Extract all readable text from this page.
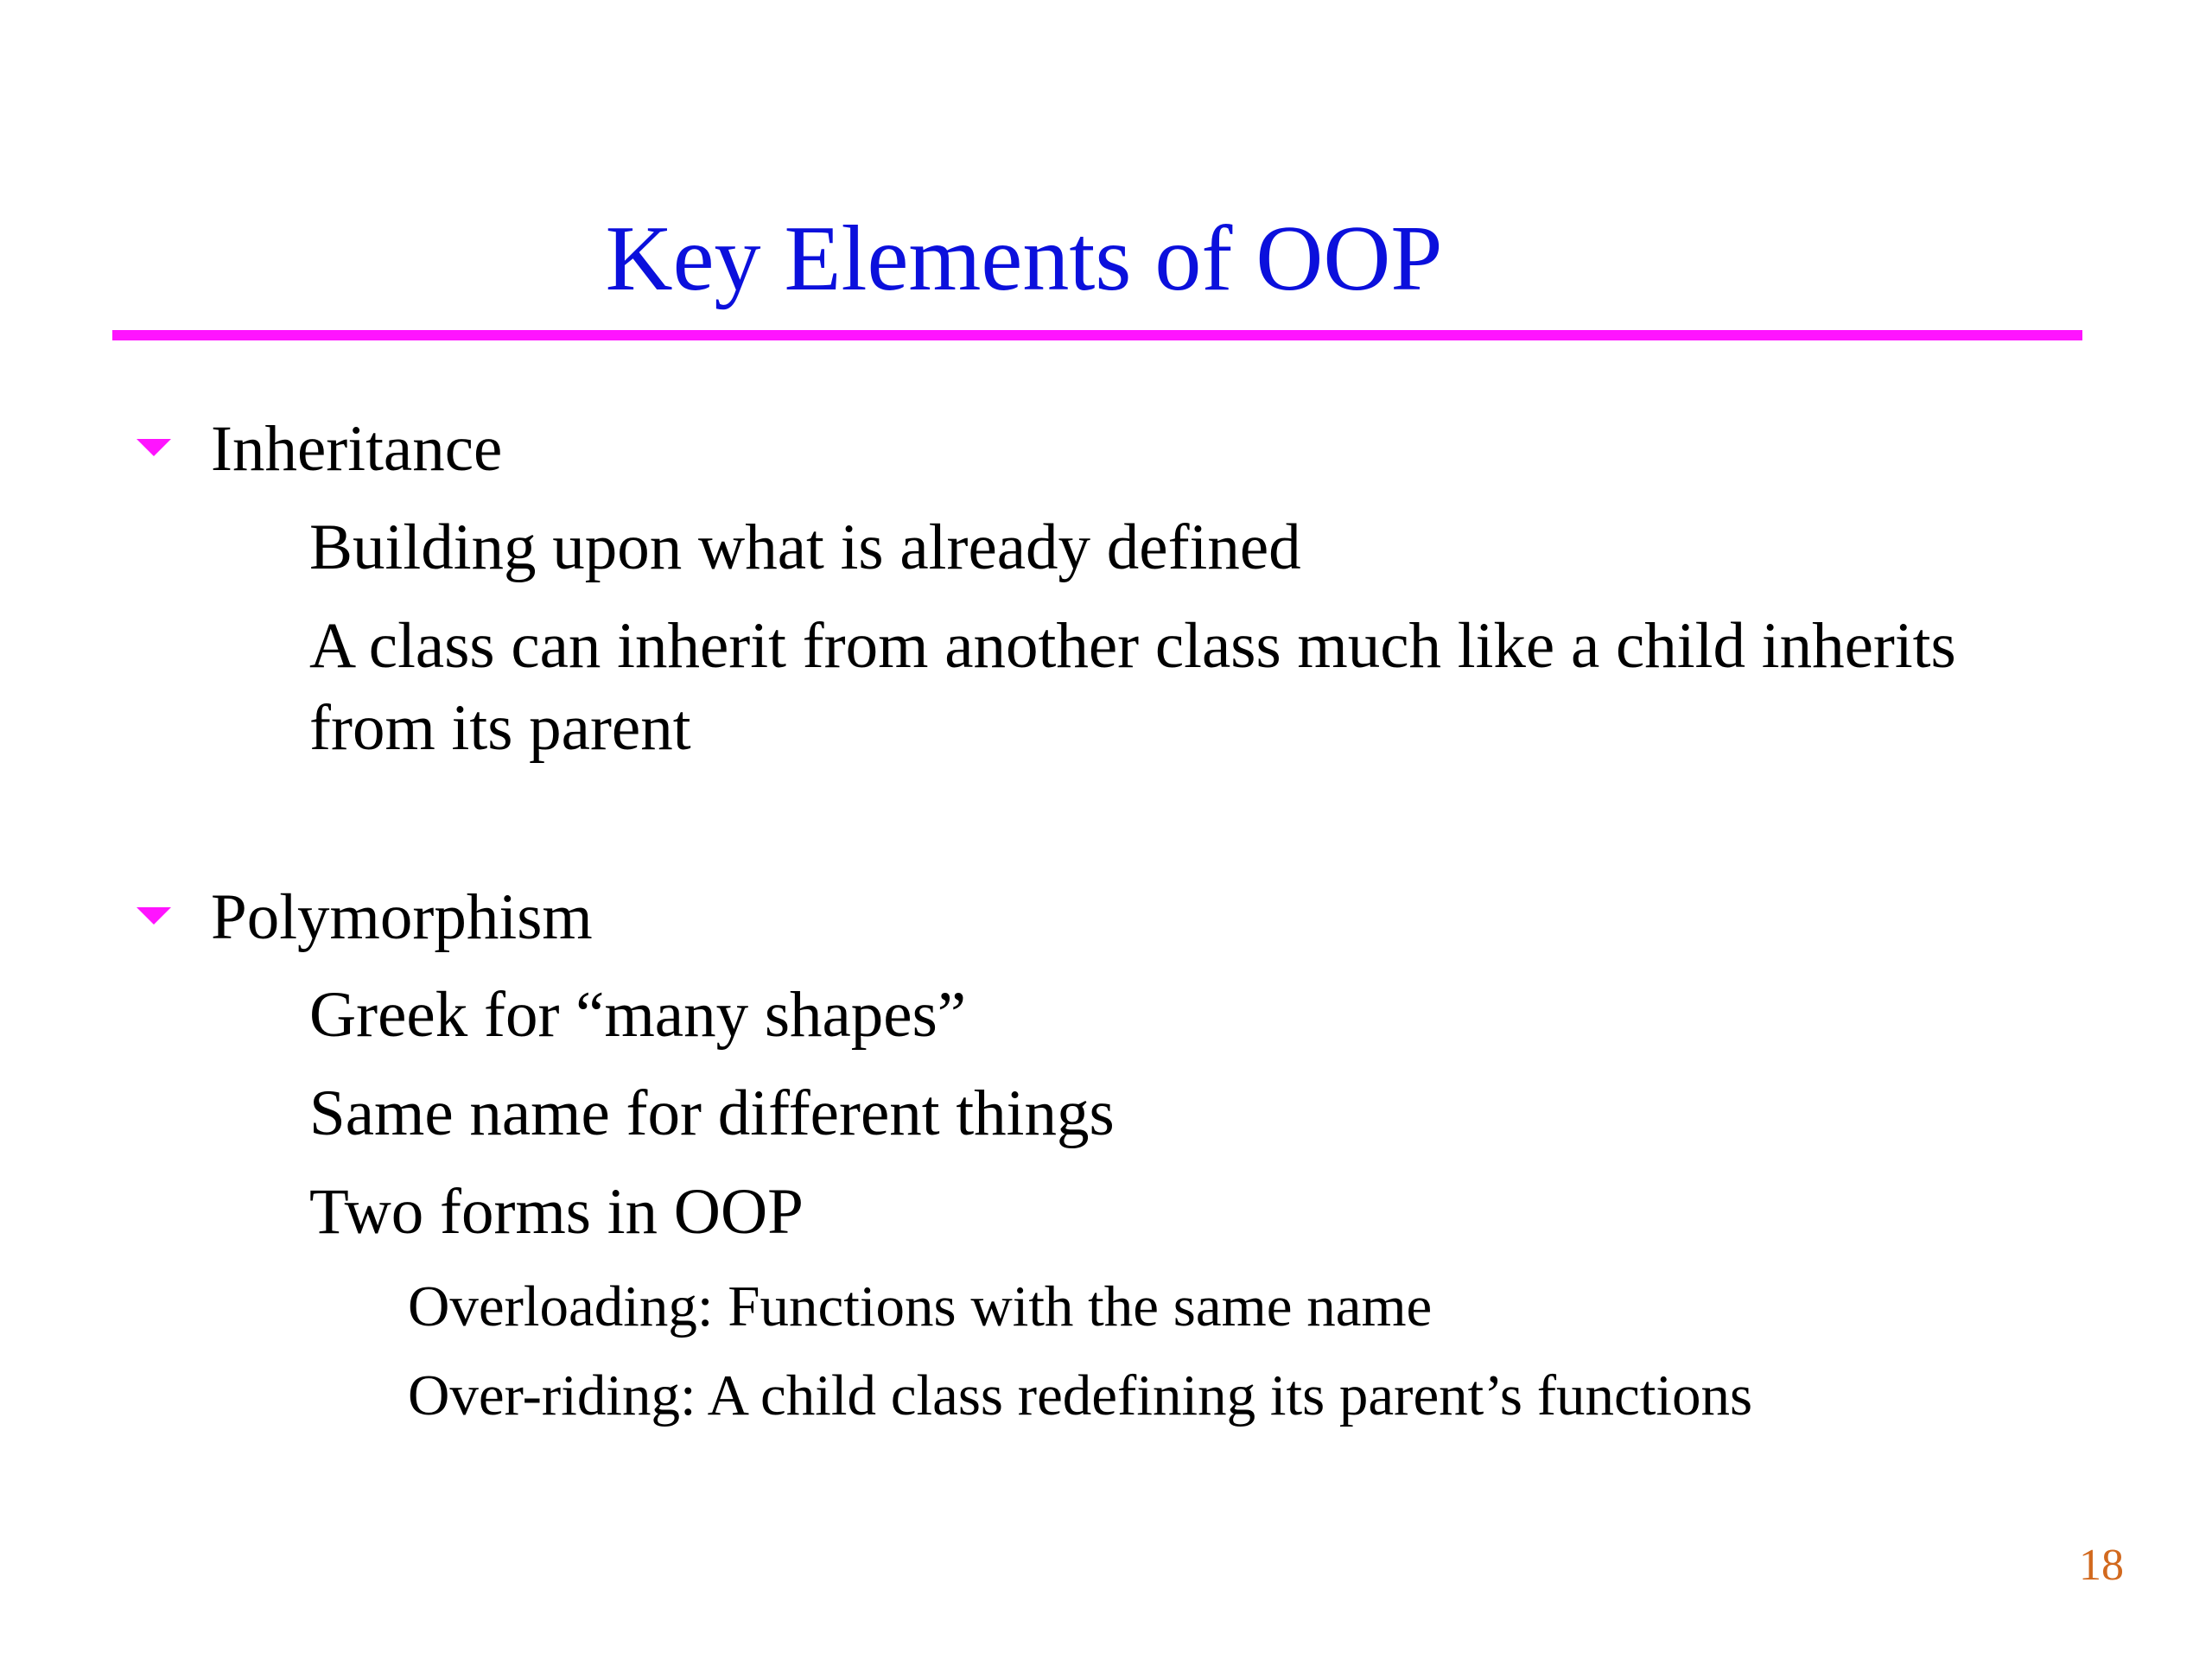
Key Elements of OOP
Inheritance
Building upon what is already defined
A class can inherit from another class much like a child inherits from its parent
Polymorphism
Greek for “many shapes”
Same name for different things
Two forms in OOP
Overloading: Functions with the same name
Over-riding: A child class redefining its parent’s functions
18
